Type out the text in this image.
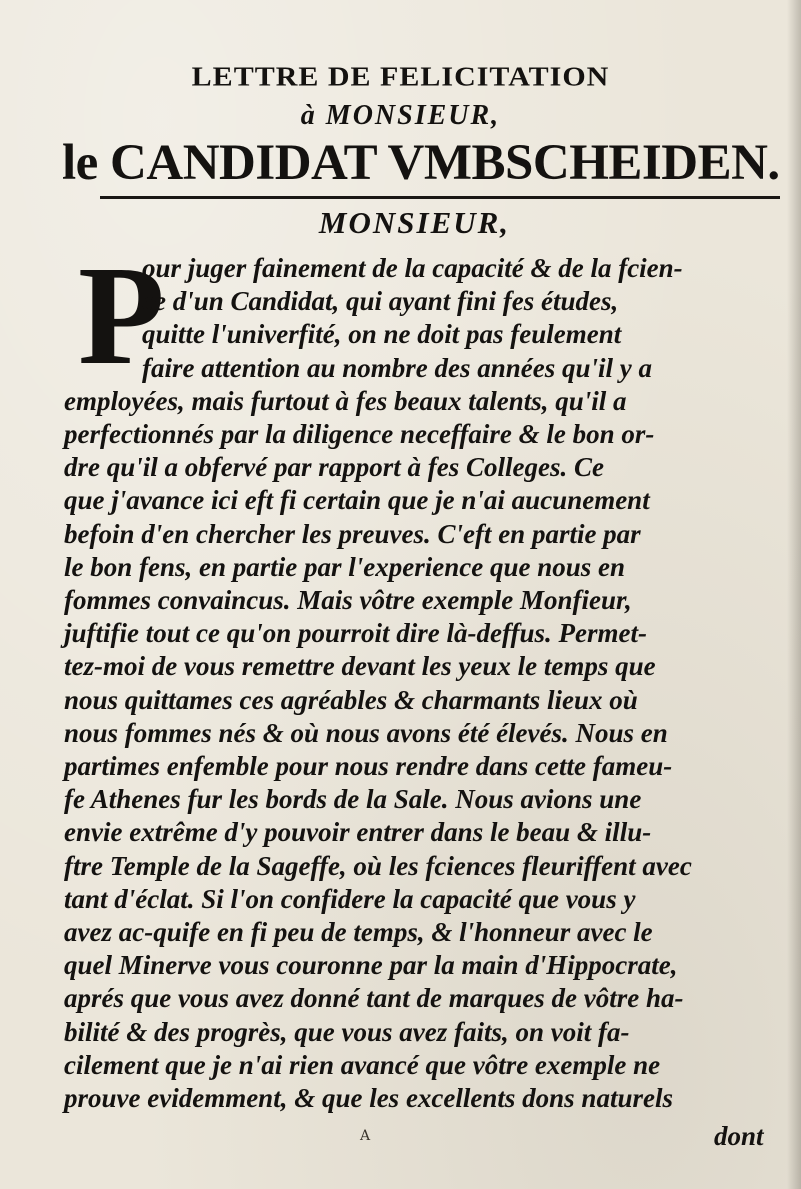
LETTRE DE FELICITATION
à MONSIEUR,
le CANDIDAT VMBSCHEIDEN.
MONSIEUR,
P
our juger fainement de la capacité & de la fcien-
ce d'un Candidat, qui ayant fini fes études,
quitte l'univerfité, on ne doit pas feulement
faire attention au nombre des années qu'il y a
employées, mais furtout à fes beaux talents, qu'il a
perfectionnés par la diligence neceffaire & le bon or-
dre qu'il a obfervé par rapport à fes Colleges. Ce
que j'avance ici eft fi certain que je n'ai aucunement
befoin d'en chercher les preuves. C'eft en partie par
le bon fens, en partie par l'experience que nous en
fommes convaincus. Mais vôtre exemple Monfieur,
juftifie tout ce qu'on pourroit dire là-deffus. Permet-
tez-moi de vous remettre devant les yeux le temps que
nous quittames ces agréables & charmants lieux où
nous fommes nés & où nous avons été élevés. Nous en
partimes enfemble pour nous rendre dans cette fameu-
fe Athenes fur les bords de la Sale. Nous avions une
envie extrême d'y pouvoir entrer dans le beau & illu-
ftre Temple de la Sageffe, où les fciences fleuriffent avec
tant d'éclat. Si l'on confidere la capacité que vous y
avez ac-quife en fi peu de temps, & l'honneur avec le
quel Minerve vous couronne par la main d'Hippocrate,
aprés que vous avez donné tant de marques de vôtre ha-
bilité & des progrès, que vous avez faits, on voit fa-
cilement que je n'ai rien avancé que vôtre exemple ne
prouve evidemment, & que les excellents dons naturels
A	dont
